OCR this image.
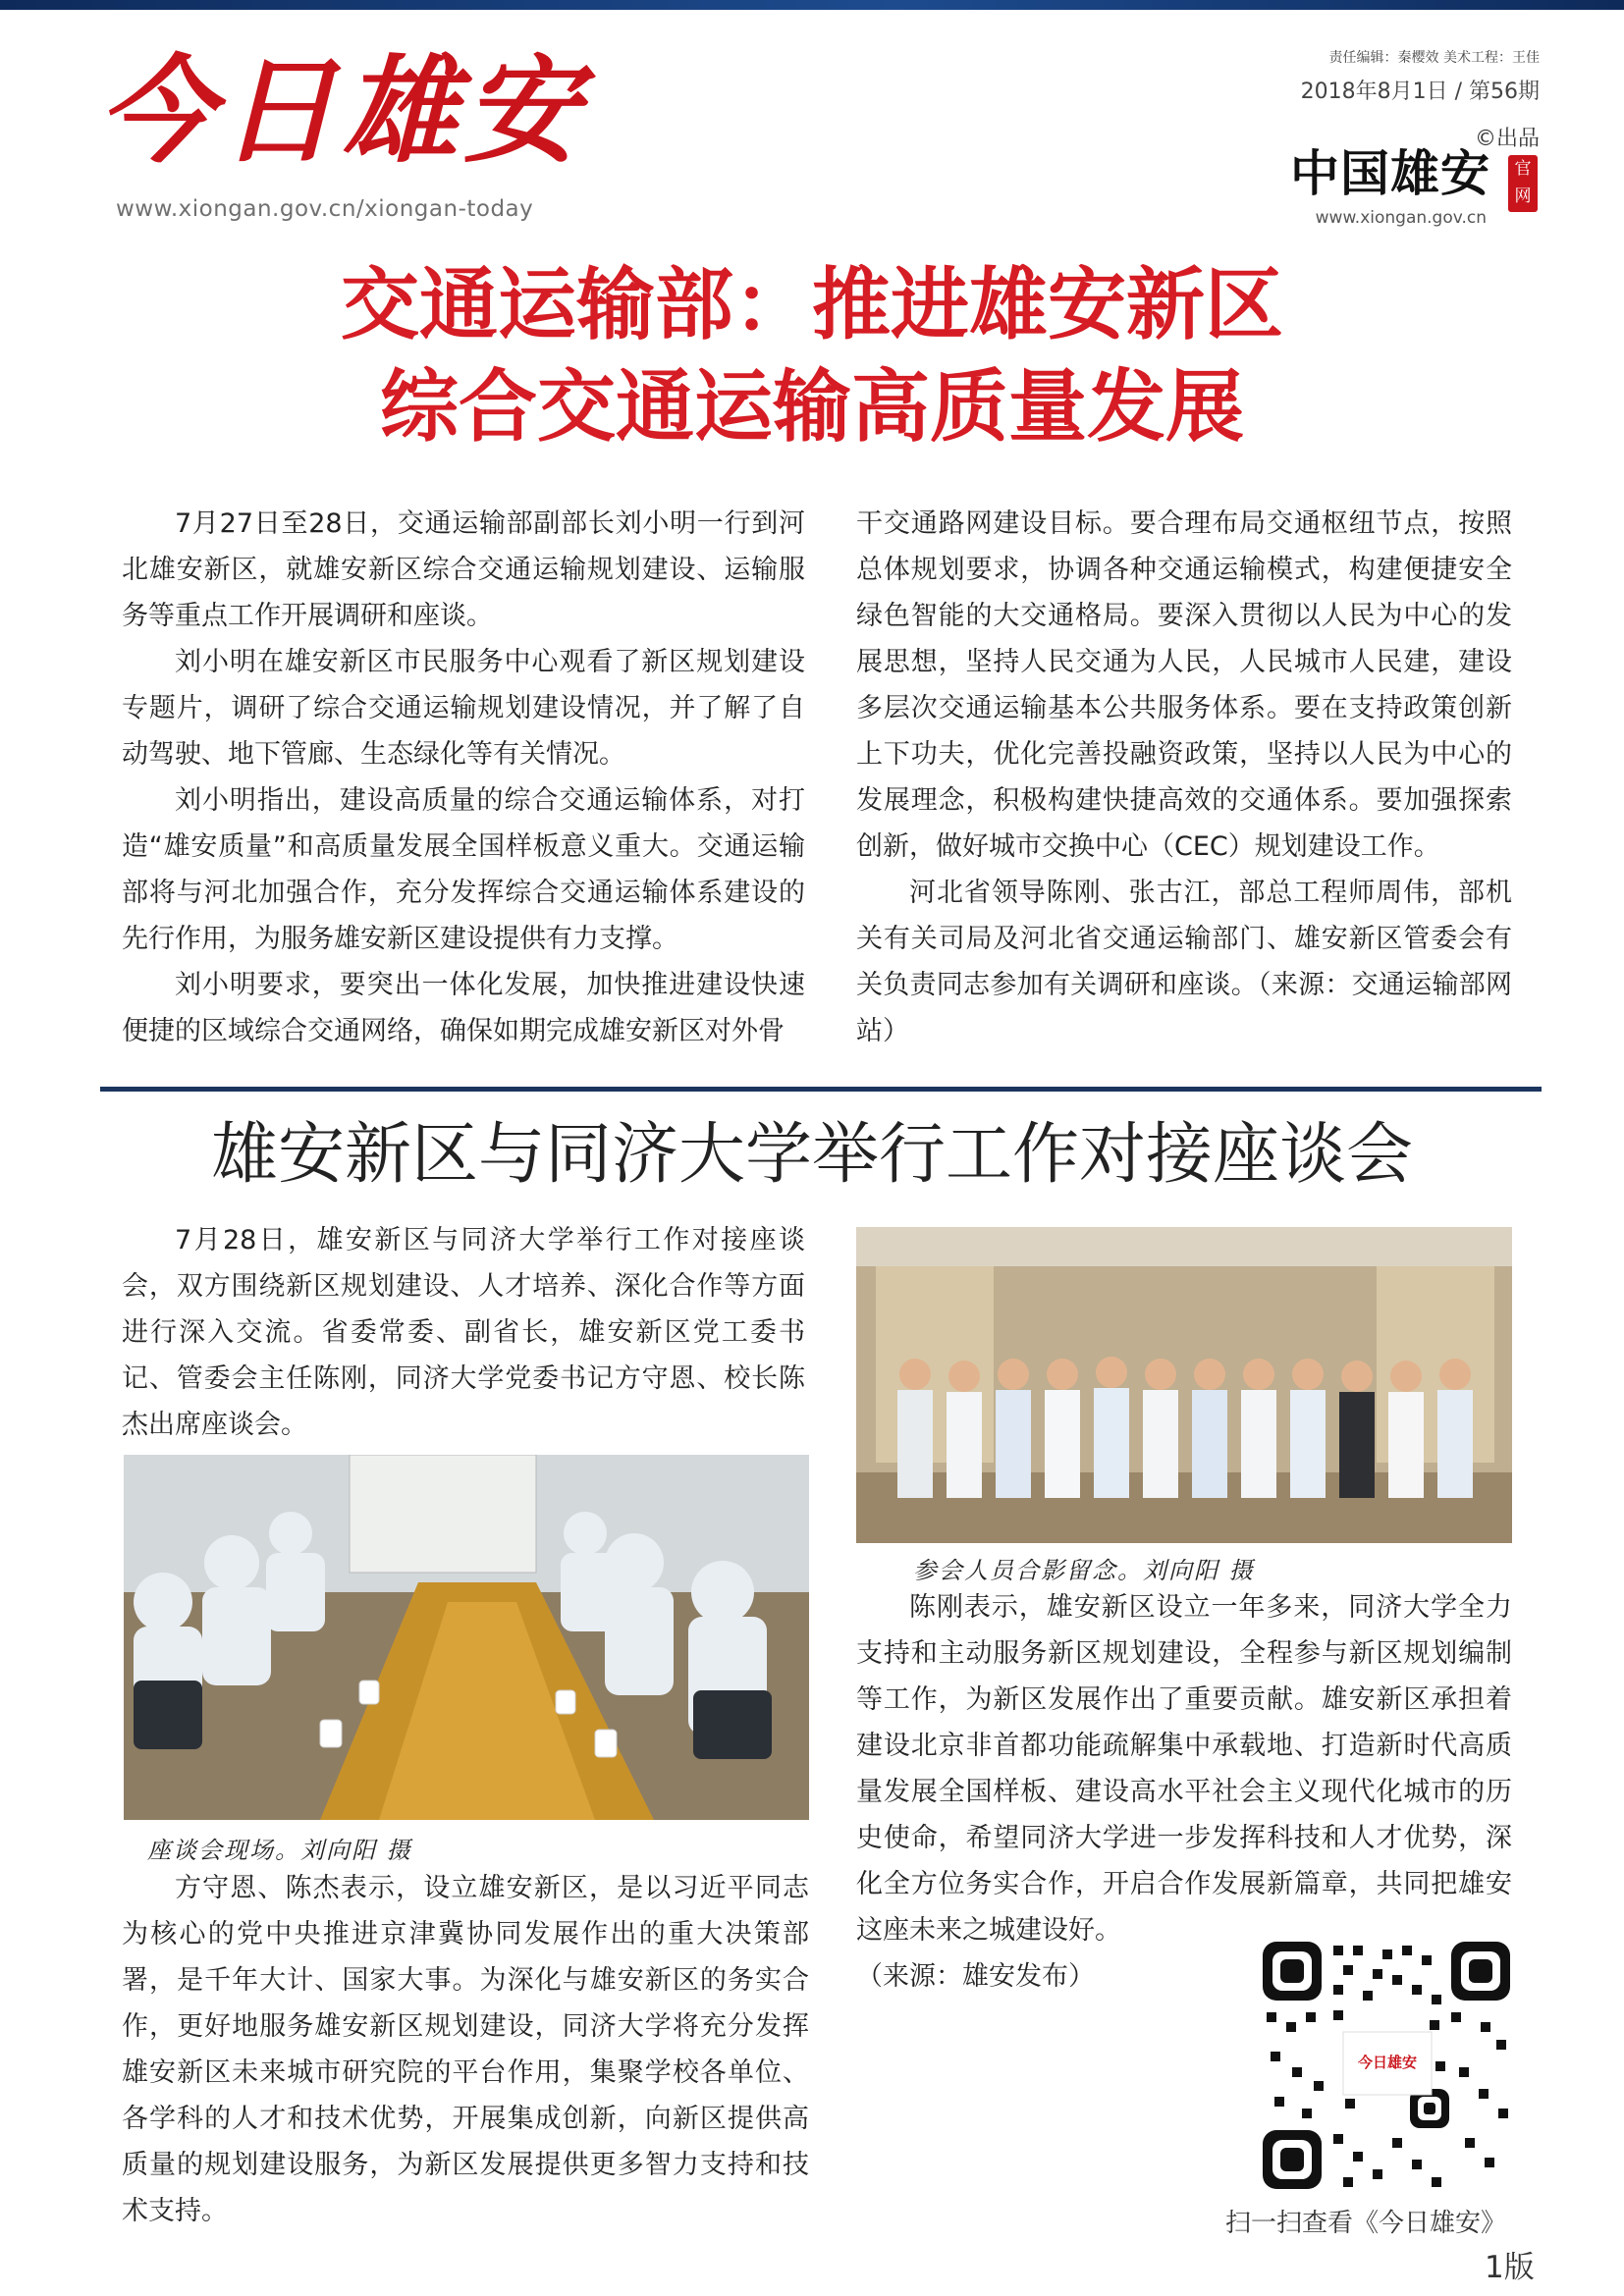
今日雄安
www.xiongan.gov.cn/xiongan-today
责任编辑：秦樱效 美术工程：王佳
2018年8月1日 / 第56期
©出品
中国雄安	官网
www.xiongan.gov.cn
交通运输部：推进雄安新区
综合交通运输高质量发展

7月27日至28日，交通运输部副部长刘小明一行到河北雄安新区，就雄安新区综合交通运输规划建设、运输服务等重点工作开展调研和座谈。

刘小明在雄安新区市民服务中心观看了新区规划建设专题片，调研了综合交通运输规划建设情况，并了解了自动驾驶、地下管廊、生态绿化等有关情况。

刘小明指出，建设高质量的综合交通运输体系，对打造“雄安质量”和高质量发展全国样板意义重大。交通运输部将与河北加强合作，充分发挥综合交通运输体系建设的先行作用，为服务雄安新区建设提供有力支撑。

刘小明要求，要突出一体化发展，加快推进建设快速便捷的区域综合交通网络，确保如期完成雄安新区对外骨

干交通路网建设目标。要合理布局交通枢纽节点，按照总体规划要求，协调各种交通运输模式，构建便捷安全绿色智能的大交通格局。要深入贯彻以人民为中心的发展思想，坚持人民交通为人民，人民城市人民建，建设多层次交通运输基本公共服务体系。要在支持政策创新上下功夫，优化完善投融资政策，坚持以人民为中心的发展理念，积极构建快捷高效的交通体系。要加强探索创新，做好城市交换中心（CEC）规划建设工作。

河北省领导陈刚、张古江，部总工程师周伟，部机关有关司局及河北省交通运输部门、雄安新区管委会有关负责同志参加有关调研和座谈。（来源：交通运输部网站）

雄安新区与同济大学举行工作对接座谈会

7月28日，雄安新区与同济大学举行工作对接座谈会，双方围绕新区规划建设、人才培养、深化合作等方面进行深入交流。省委常委、副省长，雄安新区党工委书记、管委会主任陈刚，同济大学党委书记方守恩、校长陈杰出席座谈会。

座谈会现场。刘向阳 摄

方守恩、陈杰表示，设立雄安新区，是以习近平同志为核心的党中央推进京津冀协同发展作出的重大决策部署，是千年大计、国家大事。为深化与雄安新区的务实合作，更好地服务雄安新区规划建设，同济大学将充分发挥雄安新区未来城市研究院的平台作用，集聚学校各单位、各学科的人才和技术优势，开展集成创新，向新区提供高质量的规划建设服务，为新区发展提供更多智力支持和技术支持。

参会人员合影留念。刘向阳 摄

陈刚表示，雄安新区设立一年多来，同济大学全力支持和主动服务新区规划建设，全程参与新区规划编制等工作，为新区发展作出了重要贡献。雄安新区承担着建设北京非首都功能疏解集中承载地、打造新时代高质量发展全国样板、建设高水平社会主义现代化城市的历史使命，希望同济大学进一步发挥科技和人才优势，深化全方位务实合作，开启合作发展新篇章，共同把雄安这座未来之城建设好。

（来源：雄安发布）

今日雄安
扫一扫查看《今日雄安》
1版
